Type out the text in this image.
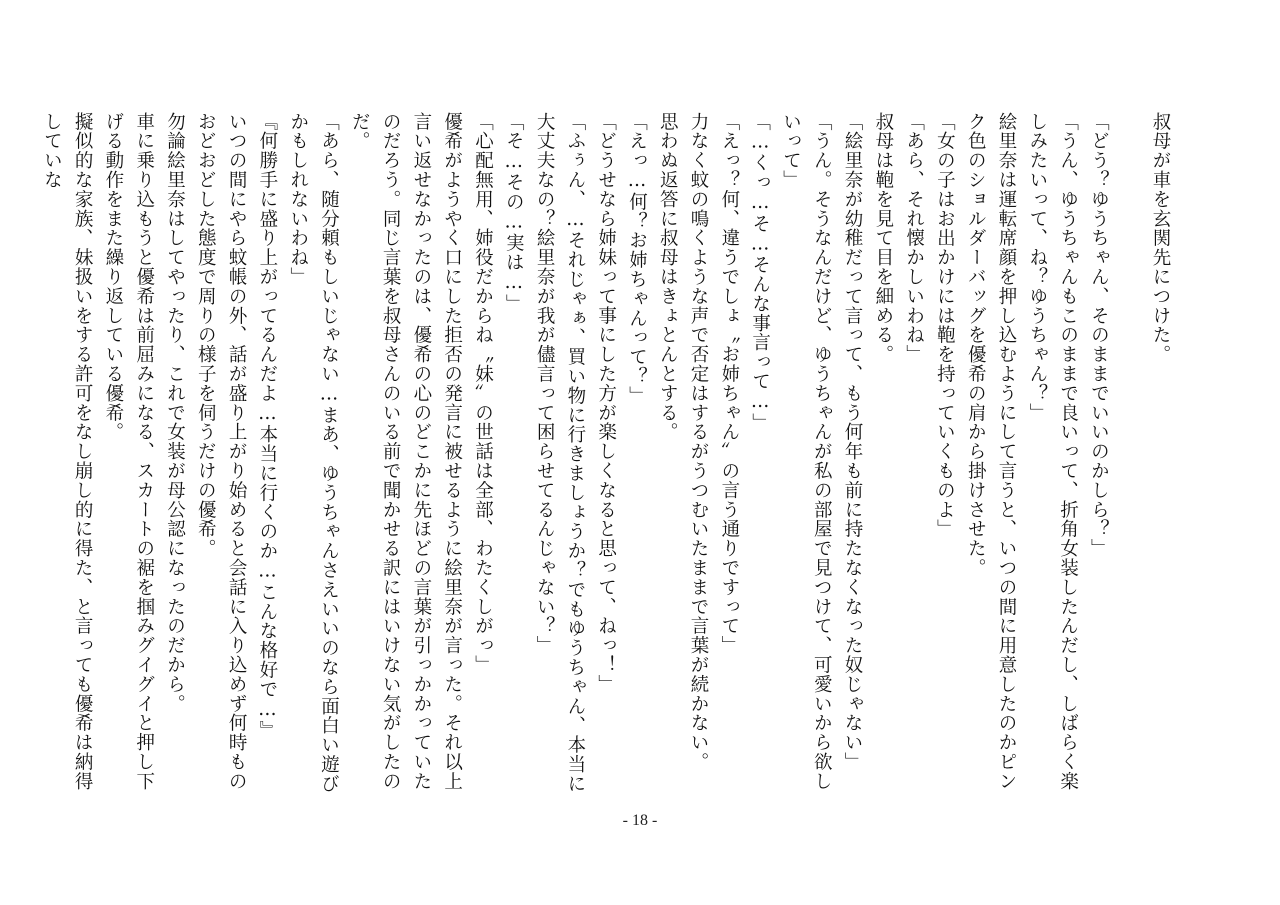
叔母が車を玄関先につけた。

「どう？ゆうちゃん、そのままでいいのかしら？」

「うん、ゆうちゃんもこのままで良いって、折角女装したんだし、しばらく楽しみたいって、ね？ゆうちゃん？」

絵里奈は運転席顔を押し込むようにして言うと、いつの間に用意したのかピンク色のショルダーバッグを優希の肩から掛けさせた。

「女の子はお出かけには鞄を持っていくものよ」

「あら、それ懐かしいわね」

叔母は鞄を見て目を細める。

「絵里奈が幼稚だって言って、もう何年も前に持たなくなった奴じゃない」

「うん。そうなんだけど、ゆうちゃんが私の部屋で見つけて、可愛いから欲しいって」

「…くっ…そ…そんな事言って…」

「えっ？何、違うでしょ〝お姉ちゃん〟の言う通りですって」

力なく蚊の鳴くような声で否定はするがうつむいたままで言葉が続かない。

思わぬ返答に叔母はきょとんとする。

「えっ…何？お姉ちゃんって？」

「どうせなら姉妹って事にした方が楽しくなると思って、ねっ！」

「ふぅん、…それじゃぁ、買い物に行きましょうか？でもゆうちゃん、本当に大丈夫なの？絵里奈が我が儘言って困らせてるんじゃない？」

「そ…その…実は…」

「心配無用、姉役だからね〝妹〟の世話は全部、わたくしがっ」

優希がようやく口にした拒否の発言に被せるように絵里奈が言った。それ以上言い返せなかったのは、優希の心のどこかに先ほどの言葉が引っかかっていたのだろう。同じ言葉を叔母さんのいる前で聞かせる訳にはいけない気がしたのだ。

「あら、随分頼もしいじゃない…まあ、ゆうちゃんさえいいのなら面白い遊びかもしれないわね」

『何勝手に盛り上がってるんだよ…本当に行くのか…こんな格好で…』

いつの間にやら蚊帳の外、話が盛り上がり始めると会話に入り込めず何時ものおどおどした態度で周りの様子を伺うだけの優希。

勿論絵里奈はしてやったり、これで女装が母公認になったのだから。

車に乗り込もうと優希は前屈みになる、スカートの裾を掴みグイグイと押し下げる動作をまた繰り返している優希。

擬似的な家族、妹扱いをする許可をなし崩し的に得た、と言っても優希は納得していな

- 18 -
